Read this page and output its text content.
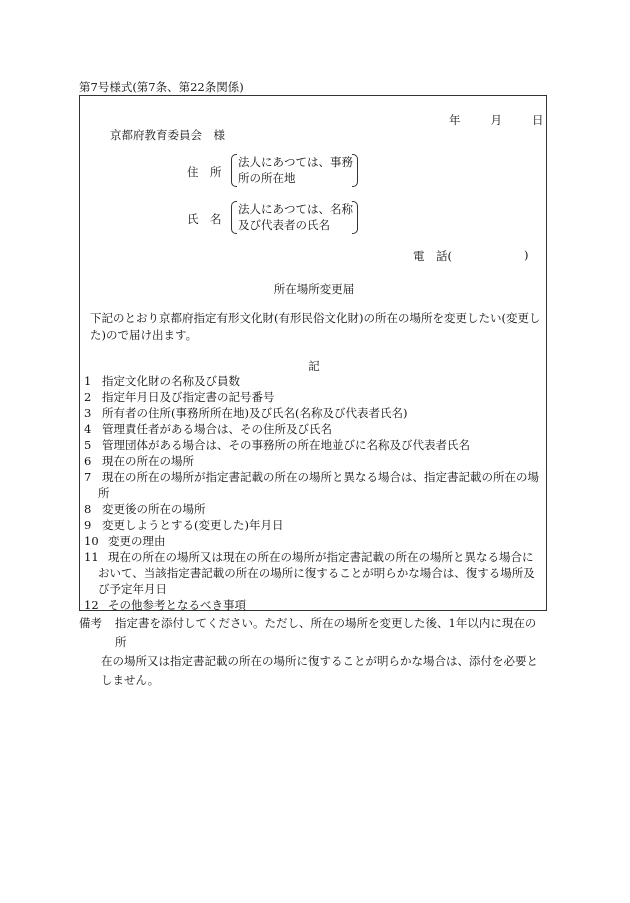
第7号様式(第7条、第22条関係)
年	月	日
京都府教育委員会　様
住　所
法人にあつては、事務
所の所在地
氏　名
法人にあつては、名称
及び代表者の氏名
電　話(	)
所在場所変更届
下記のとおり京都府指定有形文化財(有形民俗文化財)の所在の場所を変更したい(変更した)ので届け出ます。
記
1 指定文化財の名称及び員数
2 指定年月日及び指定書の記号番号
3 所有者の住所(事務所所在地)及び氏名(名称及び代表者氏名)
4 管理責任者がある場合は、その住所及び氏名
5 管理団体がある場合は、その事務所の所在地並びに名称及び代表者氏名
6 現在の所在の場所
7 現在の所在の場所が指定書記載の所在の場所と異なる場合は、指定書記載の所在の場
所
8 変更後の所在の場所
9 変更しようとする(変更した)年月日
10 変更の理由
11 現在の所在の場所又は現在の所在の場所が指定書記載の所在の場所と異なる場合に
おいて、当該指定書記載の所在の場所に復することが明らかな場合は、復する場所及び予定年月日
12 その他参考となるべき事項
備考	指定書を添付してください。ただし、所在の場所を変更した後、1年以内に現在の所
在の場所又は指定書記載の所在の場所に復することが明らかな場合は、添付を必要と
しません。
